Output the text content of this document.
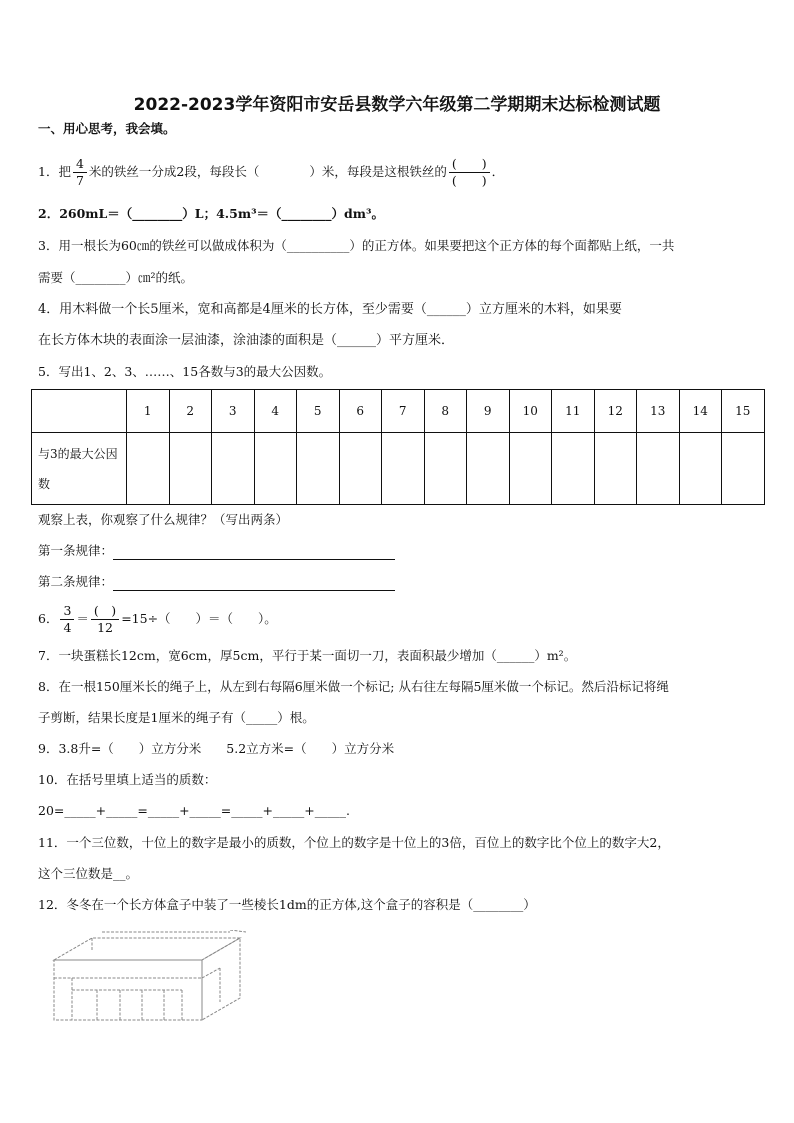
2022-2023学年资阳市安岳县数学六年级第二学期期末达标检测试题
一、用心思考，我会填。
1．把 $\frac{4}{7}$ 米的铁丝一分成2段，每段长（　　　　）米，每段是这根铁丝的 $\frac{( )}{( )}$ ．
2．260mL＝（________）L；4.5m³＝（________）dm³。
3．用一根长为60㎝的铁丝可以做成体积为（__________）的正方体。如果要把这个正方体的每个面都贴上纸，一共
需要（________）㎝²的纸。
4．用木料做一个长5厘米，宽和高都是4厘米的长方体，至少需要（______）立方厘米的木料，如果要
在长方体木块的表面涂一层油漆，涂油漆的面积是（______）平方厘米．
5．写出1、2、3、……、15各数与3的最大公因数。
	1	2	3	4	5	6	7	8	9	10	11	12	13	14	15
与3的最大公因数															
观察上表，你观察了什么规律？（写出两条）
第一条规律：
第二条规律：
6． $\frac{3}{4} = \frac{( )}{12} =15\div$（　　）＝（　　）。
7．一块蛋糕长12cm，宽6cm，厚5cm，平行于某一面切一刀，表面积最少增加（______）m²。
8．在一根150厘米长的绳子上，从左到右每隔6厘米做一个标记; 从右往左每隔5厘米做一个标记。然后沿标记将绳
子剪断，结果长度是1厘米的绳子有（_____）根。
9．3.8升=（　　）立方分米　　5.2立方米=（　　）立方分米
10．在括号里填上适当的质数：
20=_____+_____=_____+_____=_____+_____+_____.
11．一个三位数，十位上的数字是最小的质数，个位上的数字是十位上的3倍，百位上的数字比个位上的数字大2，
这个三位数是__。
12．冬冬在一个长方体盒子中装了一些棱长1dm的正方体,这个盒子的容积是（________）
